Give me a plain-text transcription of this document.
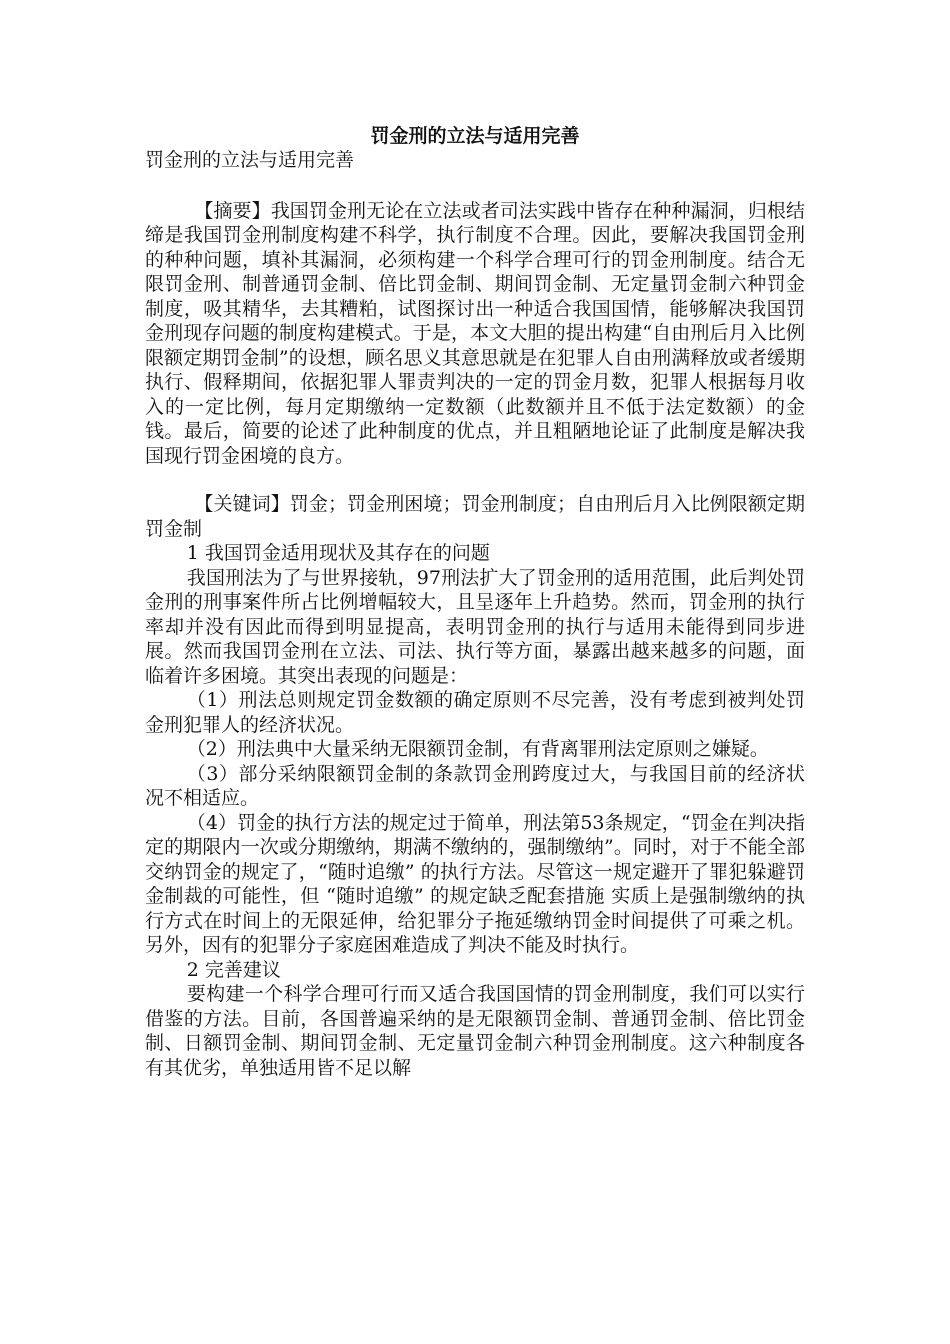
罚金刑的立法与适用完善

罚金刑的立法与适用完善

【摘要】我国罚金刑无论在立法或者司法实践中皆存在种种漏洞，归根结缔是我国罚金刑制度构建不科学，执行制度不合理。因此，要解决我国罚金刑的种种问题，填补其漏洞，必须构建一个科学合理可行的罚金刑制度。结合无限罚金刑、制普通罚金制、倍比罚金制、期间罚金制、无定量罚金制六种罚金制度，吸其精华，去其糟粕，试图探讨出一种适合我国国情，能够解决我国罚金刑现存问题的制度构建模式。于是，本文大胆的提出构建“自由刑后月入比例限额定期罚金制”的设想，顾名思义其意思就是在犯罪人自由刑满释放或者缓期执行、假释期间，依据犯罪人罪责判决的一定的罚金月数，犯罪人根据每月收入的一定比例，每月定期缴纳一定数额（此数额并且不低于法定数额）的金钱。最后，简要的论述了此种制度的优点，并且粗陋地论证了此制度是解决我国现行罚金困境的良方。

【关键词】罚金；罚金刑困境；罚金刑制度；自由刑后月入比例限额定期罚金制

1 我国罚金适用现状及其存在的问题

我国刑法为了与世界接轨，97刑法扩大了罚金刑的适用范围，此后判处罚金刑的刑事案件所占比例增幅较大，且呈逐年上升趋势。然而，罚金刑的执行率却并没有因此而得到明显提高，表明罚金刑的执行与适用未能得到同步进展。然而我国罚金刑在立法、司法、执行等方面，暴露出越来越多的问题，面临着许多困境。其突出表现的问题是：

（1）刑法总则规定罚金数额的确定原则不尽完善，没有考虑到被判处罚金刑犯罪人的经济状况。

（2）刑法典中大量采纳无限额罚金制，有背离罪刑法定原则之嫌疑。

（3）部分采纳限额罚金制的条款罚金刑跨度过大，与我国目前的经济状况不相适应。

（4）罚金的执行方法的规定过于简单，刑法第53条规定，“罚金在判决指定的期限内一次或分期缴纳，期满不缴纳的，强制缴纳”。同时，对于不能全部交纳罚金的规定了，“随时追缴” 的执行方法。尽管这一规定避开了罪犯躲避罚金制裁的可能性，但 “随时追缴” 的规定缺乏配套措施 实质上是强制缴纳的执行方式在时间上的无限延伸，给犯罪分子拖延缴纳罚金时间提供了可乘之机。另外，因有的犯罪分子家庭困难造成了判决不能及时执行。

2 完善建议

要构建一个科学合理可行而又适合我国国情的罚金刑制度，我们可以实行借鉴的方法。目前，各国普遍采纳的是无限额罚金制、普通罚金制、倍比罚金制、日额罚金制、期间罚金制、无定量罚金制六种罚金刑制度。这六种制度各有其优劣，单独适用皆不足以解
